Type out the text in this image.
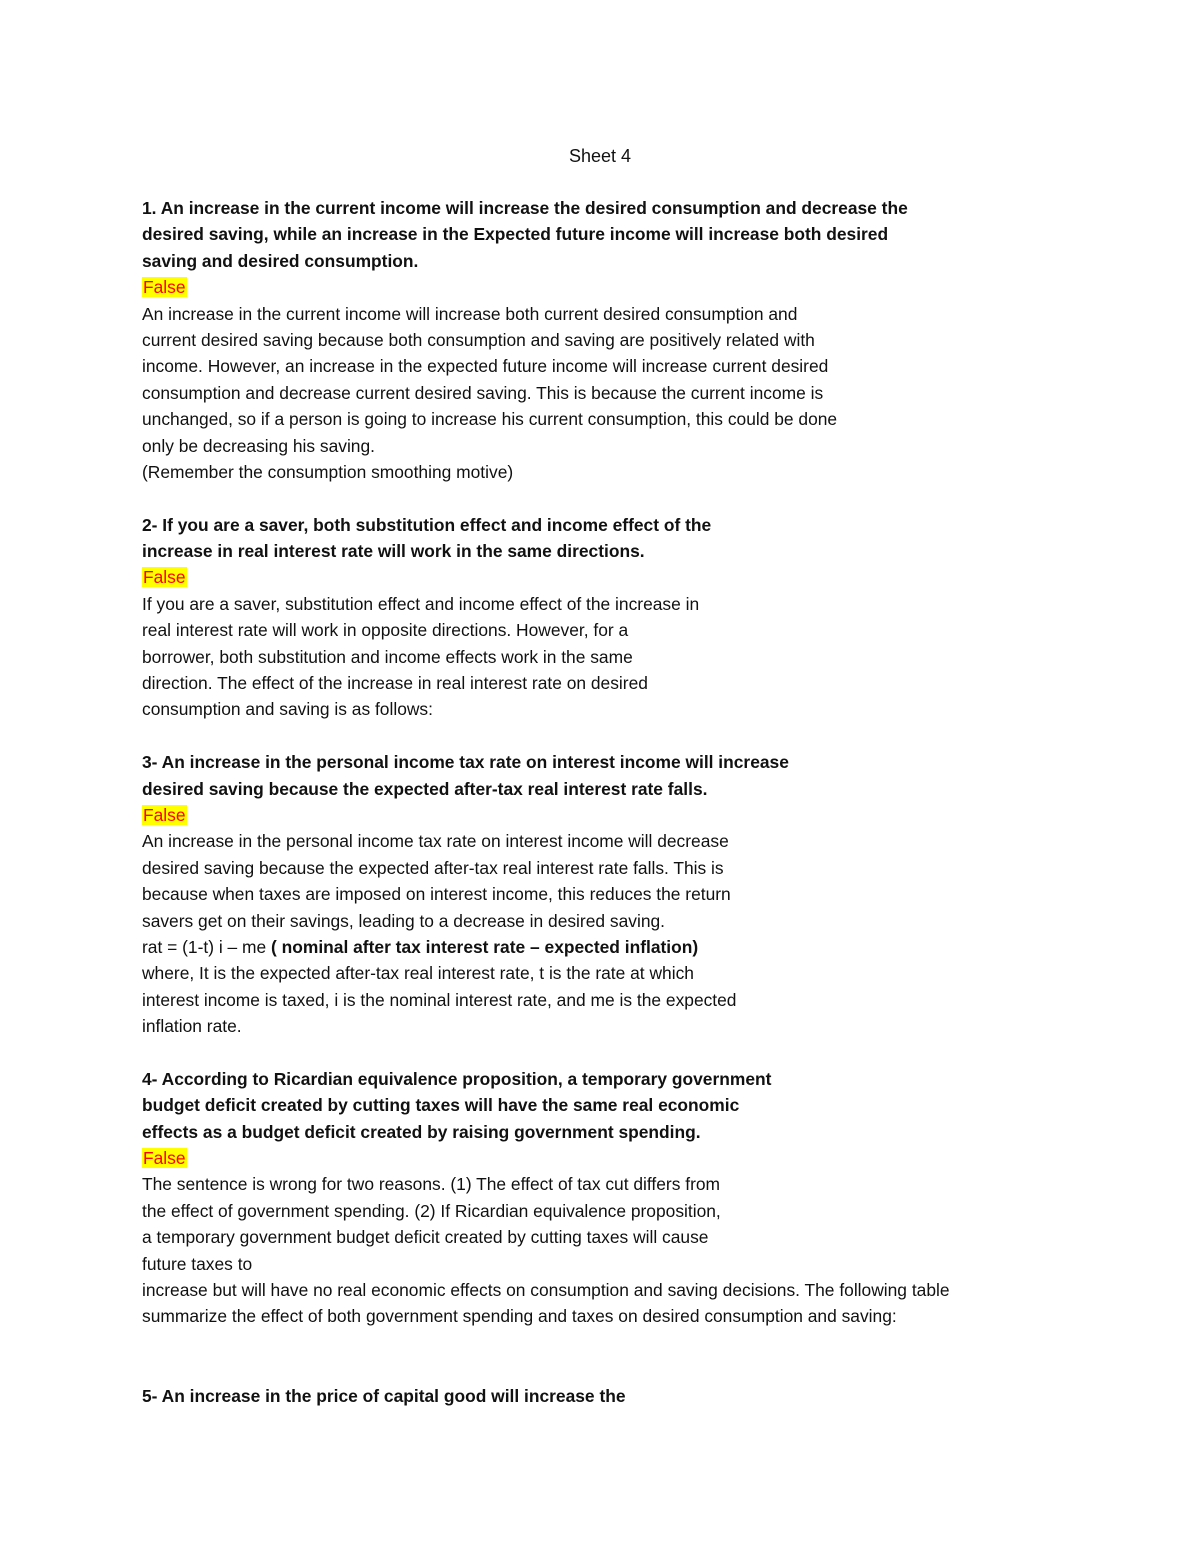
Sheet 4
1. An increase in the current income will increase the desired consumption and decrease the
desired saving, while an increase in the Expected future income will increase both desired
saving and desired consumption.
False
An increase in the current income will increase both current desired consumption and
current desired saving because both consumption and saving are positively related with
income. However, an increase in the expected future income will increase current desired
consumption and decrease current desired saving. This is because the current income is
unchanged, so if a person is going to increase his current consumption, this could be done
only be decreasing his saving.
(Remember the consumption smoothing motive)
2- If you are a saver, both substitution effect and income effect of the
increase in real interest rate will work in the same directions.
False
If you are a saver, substitution effect and income effect of the increase in
real interest rate will work in opposite directions. However, for a
borrower, both substitution and income effects work in the same
direction. The effect of the increase in real interest rate on desired
consumption and saving is as follows:
3- An increase in the personal income tax rate on interest income will increase
desired saving because the expected after-tax real interest rate falls.
False
An increase in the personal income tax rate on interest income will decrease
desired saving because the expected after-tax real interest rate falls. This is
because when taxes are imposed on interest income, this reduces the return
savers get on their savings, leading to a decrease in desired saving.
rat = (1-t) i – me ( nominal after tax interest rate – expected inflation)
where, It is the expected after-tax real interest rate, t is the rate at which
interest income is taxed, i is the nominal interest rate, and me is the expected
inflation rate.
4- According to Ricardian equivalence proposition, a temporary government
budget deficit created by cutting taxes will have the same real economic
effects as a budget deficit created by raising government spending.
False
The sentence is wrong for two reasons. (1) The effect of tax cut differs from
the effect of government spending. (2) If Ricardian equivalence proposition,
a temporary government budget deficit created by cutting taxes will cause
future taxes to
increase but will have no real economic effects on consumption and saving decisions. The following table
summarize the effect of both government spending and taxes on desired consumption and saving:
5- An increase in the price of capital good will increase the
